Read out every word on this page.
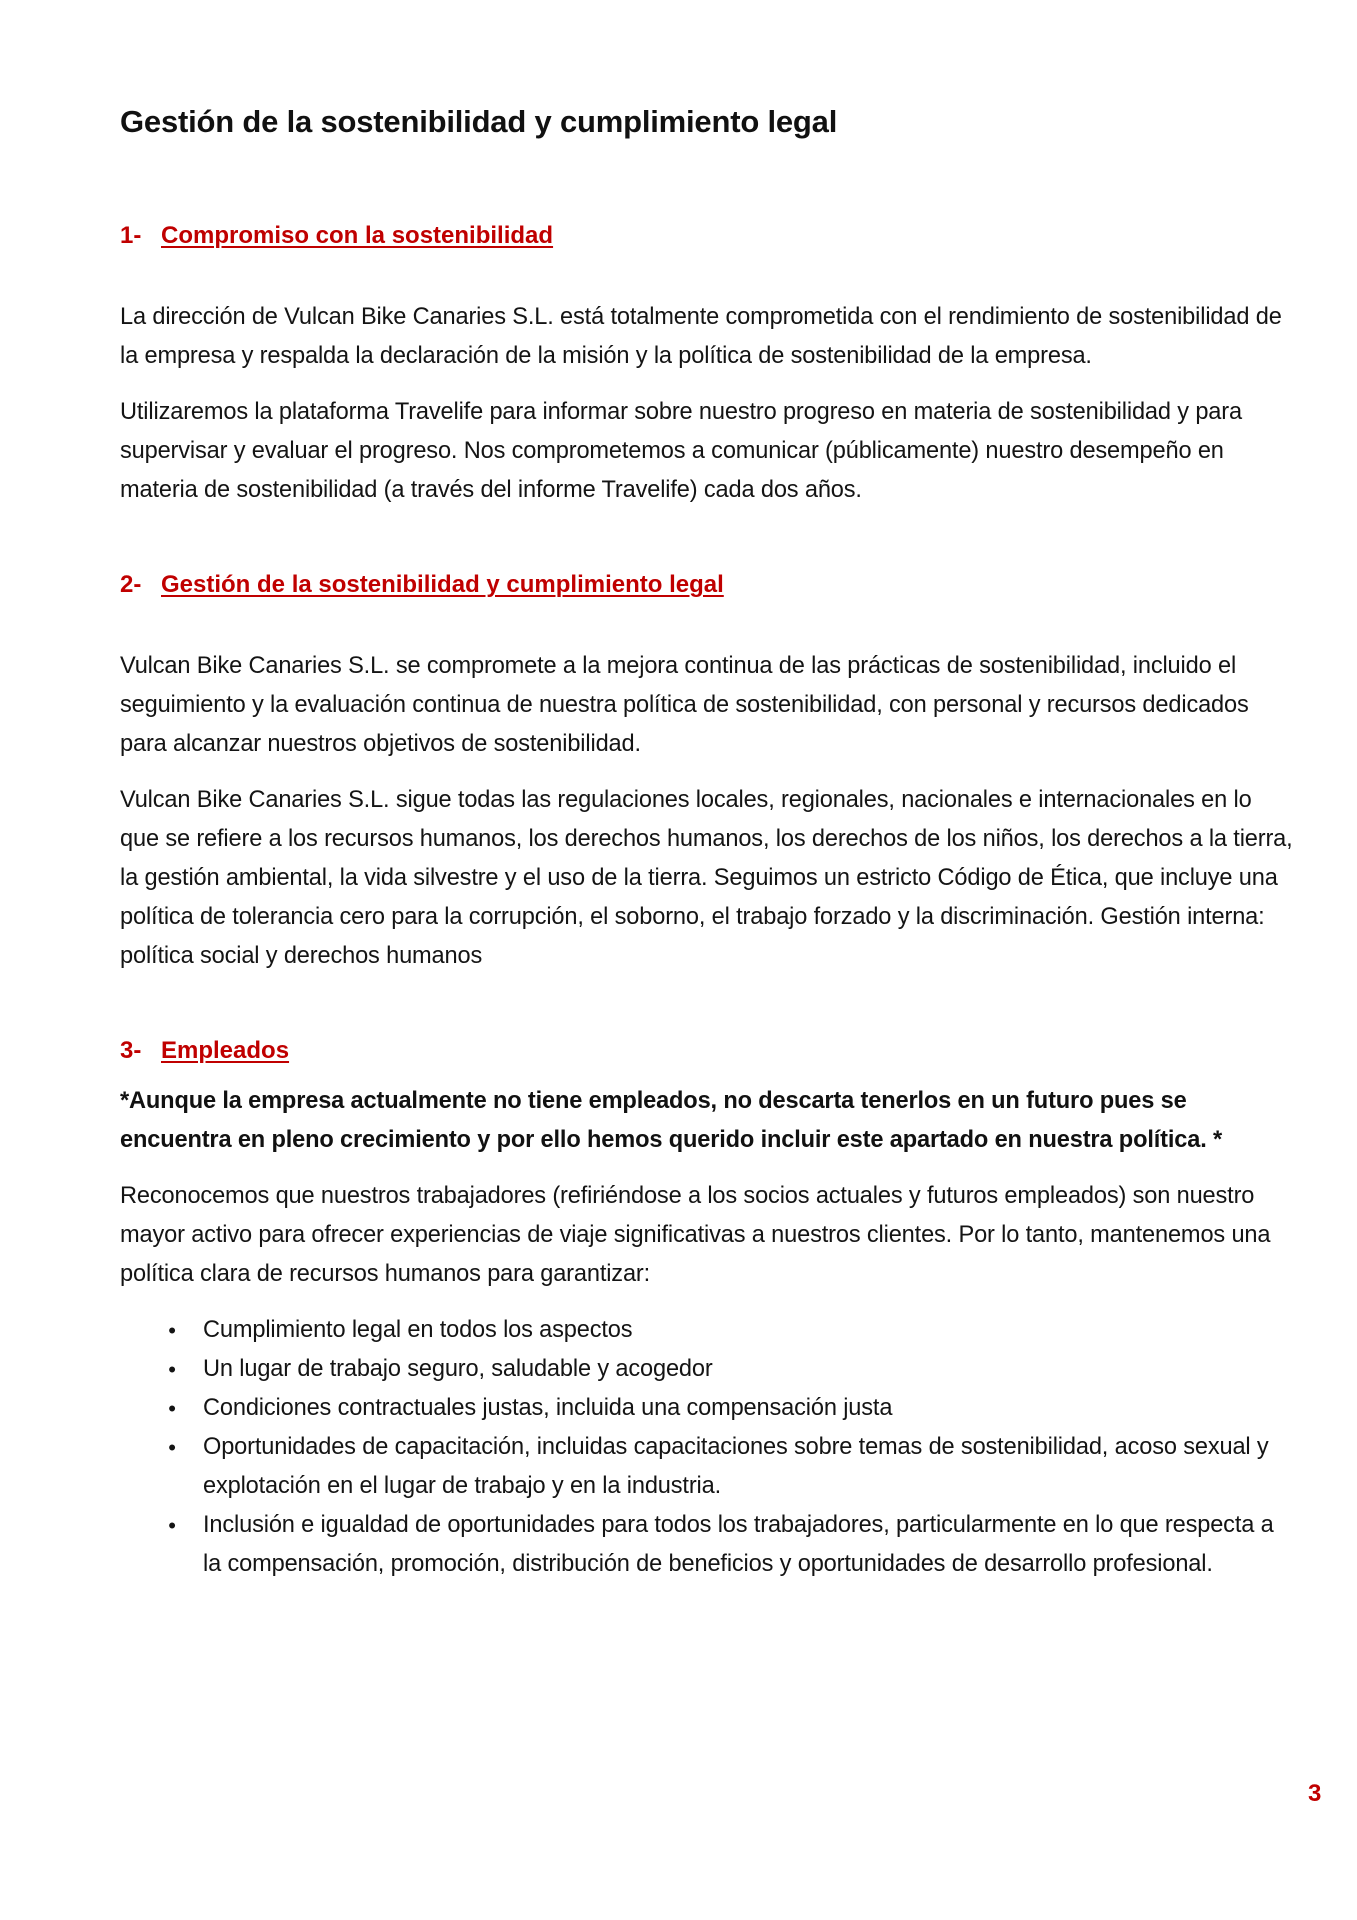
Gestión de la sostenibilidad y cumplimiento legal
1- Compromiso con la sostenibilidad

La dirección de Vulcan Bike Canaries S.L. está totalmente comprometida con el rendimiento de sostenibilidad de la empresa y respalda la declaración de la misión y la política de sostenibilidad de la empresa.

Utilizaremos la plataforma Travelife para informar sobre nuestro progreso en materia de sostenibilidad y para supervisar y evaluar el progreso. Nos comprometemos a comunicar (públicamente) nuestro desempeño en materia de sostenibilidad (a través del informe Travelife) cada dos años.

2- Gestión de la sostenibilidad y cumplimiento legal

Vulcan Bike Canaries S.L. se compromete a la mejora continua de las prácticas de sostenibilidad, incluido el seguimiento y la evaluación continua de nuestra política de sostenibilidad, con personal y recursos dedicados para alcanzar nuestros objetivos de sostenibilidad.

Vulcan Bike Canaries S.L. sigue todas las regulaciones locales, regionales, nacionales e internacionales en lo que se refiere a los recursos humanos, los derechos humanos, los derechos de los niños, los derechos a la tierra, la gestión ambiental, la vida silvestre y el uso de la tierra. Seguimos un estricto Código de Ética, que incluye una política de tolerancia cero para la corrupción, el soborno, el trabajo forzado y la discriminación. Gestión interna: política social y derechos humanos

3- Empleados

*Aunque la empresa actualmente no tiene empleados, no descarta tenerlos en un futuro pues se encuentra en pleno crecimiento y por ello hemos querido incluir este apartado en nuestra política. *

Reconocemos que nuestros trabajadores (refiriéndose a los socios actuales y futuros empleados) son nuestro mayor activo para ofrecer experiencias de viaje significativas a nuestros clientes. Por lo tanto, mantenemos una política clara de recursos humanos para garantizar:

• Cumplimiento legal en todos los aspectos
• Un lugar de trabajo seguro, saludable y acogedor
• Condiciones contractuales justas, incluida una compensación justa
• Oportunidades de capacitación, incluidas capacitaciones sobre temas de sostenibilidad, acoso sexual y explotación en el lugar de trabajo y en la industria.
• Inclusión e igualdad de oportunidades para todos los trabajadores, particularmente en lo que respecta a la compensación, promoción, distribución de beneficios y oportunidades de desarrollo profesional.
3
